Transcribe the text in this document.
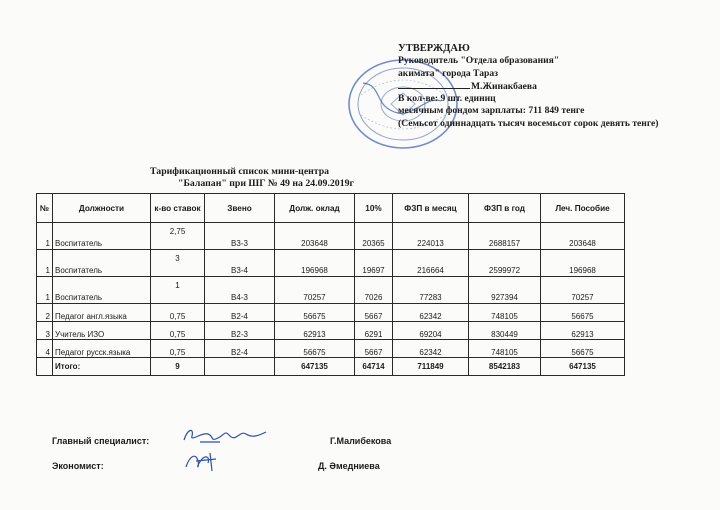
УТВЕРЖДАЮ
Руководитель "Отдела образования"
акимата" города Тараз
М.Жинакбаева
В кол-ве: 9 шт. единиц
месячным фондом зарплаты: 711 849 тенге
(Семьсот одиннадцать тысяч восемьсот сорок девять тенге)
Тарификационный список мини-центра
"Балапан" при ШГ № 49 на 24.09.2019г
№	Должности	к-во ставок	Звено	Долж. оклад	10%	ФЗП в месяц	ФЗП в год	Леч. Пособие
1	Воспитатель	2,75	B3-3	203648	20365	224013	2688157	203648
1	Воспитатель	3	B3-4	196968	19697	216664	2599972	196968
1	Воспитатель	1	B4-3	70257	7026	77283	927394	70257
2	Педагог англ.языка	0,75	B2-4	56675	5667	62342	748105	56675
3	Учитель ИЗО	0,75	B2-3	62913	6291	69204	830449	62913
4	Педагог русск.языка	0,75	B2-4	56675	5667	62342	748105	56675
	Итого:	9		647135	64714	711849	8542183	647135
Главный специалист:	Г.Малибекова
Экономист:	Д. Әмедниева
